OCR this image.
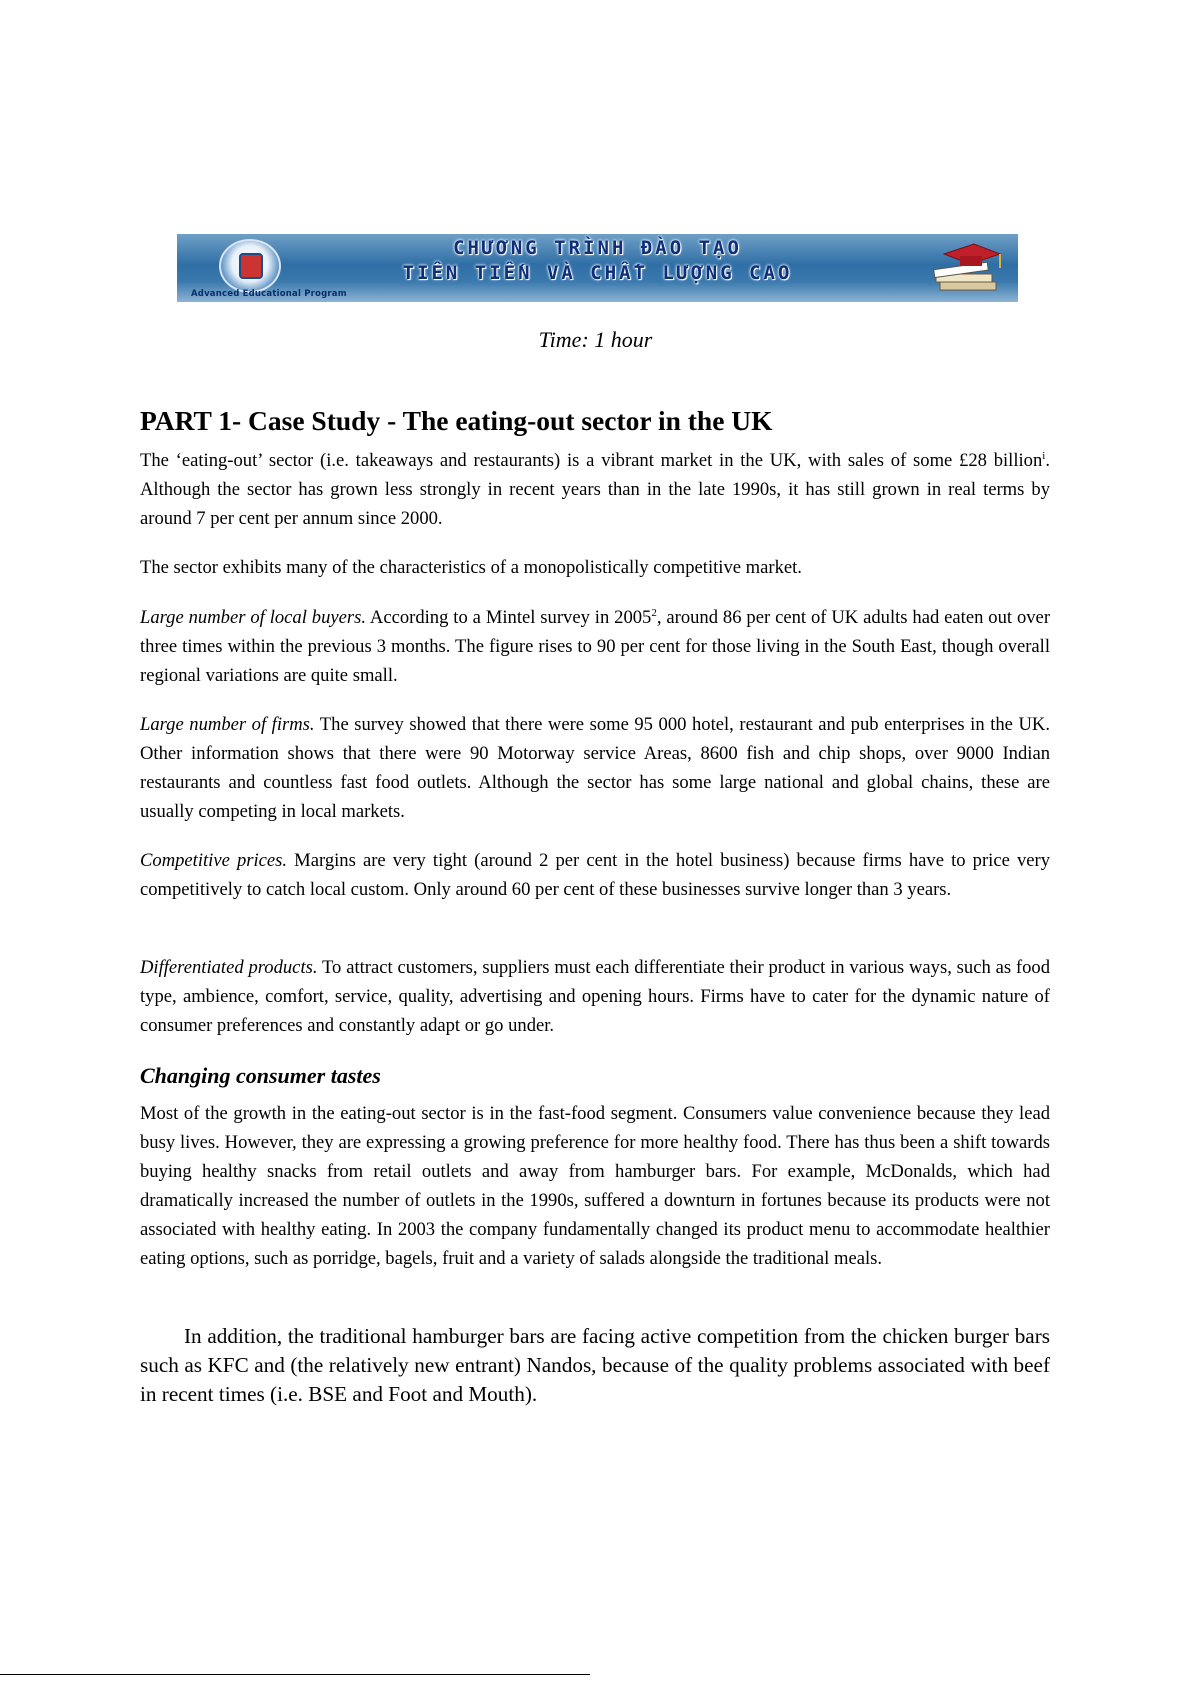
Advanced Educational Program
CHƯƠNG TRÌNH ĐÀO TẠO
TIÊN TIẾN VÀ CHẤT LƯỢNG CAO
Time: 1 hour
PART 1- Case Study - The eating-out sector in the UK

The ‘eating-out’ sector (i.e. takeaways and restaurants) is a vibrant market in the UK, with sales of some £28 billion$^i$. Although the sector has grown less strongly in recent years than in the late 1990s, it has still grown in real terms by around 7 per cent per annum since 2000.

The sector exhibits many of the characteristics of a monopolistically competitive market.

Large number of local buyers. According to a Mintel survey in 2005$^2$, around 86 per cent of UK adults had eaten out over three times within the previous 3 months. The figure rises to 90 per cent for those living in the South East, though overall regional variations are quite small.

Large number of firms. The survey showed that there were some 95 000 hotel, restaurant and pub enterprises in the UK. Other information shows that there were 90 Motorway service Areas, 8600 fish and chip shops, over 9000 Indian restaurants and countless fast food outlets. Although the sector has some large national and global chains, these are usually competing in local markets.

Competitive prices. Margins are very tight (around 2 per cent in the hotel business) because firms have to price very competitively to catch local custom. Only around 60 per cent of these businesses survive longer than 3 years.

Differentiated products. To attract customers, suppliers must each differentiate their product in various ways, such as food type, ambience, comfort, service, quality, advertising and opening hours. Firms have to cater for the dynamic nature of consumer preferences and constantly adapt or go under.

Changing consumer tastes

Most of the growth in the eating-out sector is in the fast-food segment. Consumers value convenience because they lead busy lives. However, they are expressing a growing preference for more healthy food. There has thus been a shift towards buying healthy snacks from retail outlets and away from hamburger bars. For example, McDonalds, which had dramatically increased the number of outlets in the 1990s, suffered a downturn in fortunes because its products were not associated with healthy eating. In 2003 the company fundamentally changed its product menu to accommodate healthier eating options, such as porridge, bagels, fruit and a variety of salads alongside the traditional meals.

In addition, the traditional hamburger bars are facing active competition from the chicken burger bars such as KFC and (the relatively new entrant) Nandos, because of the quality problems associated with beef in recent times (i.e. BSE and Foot and Mouth).
